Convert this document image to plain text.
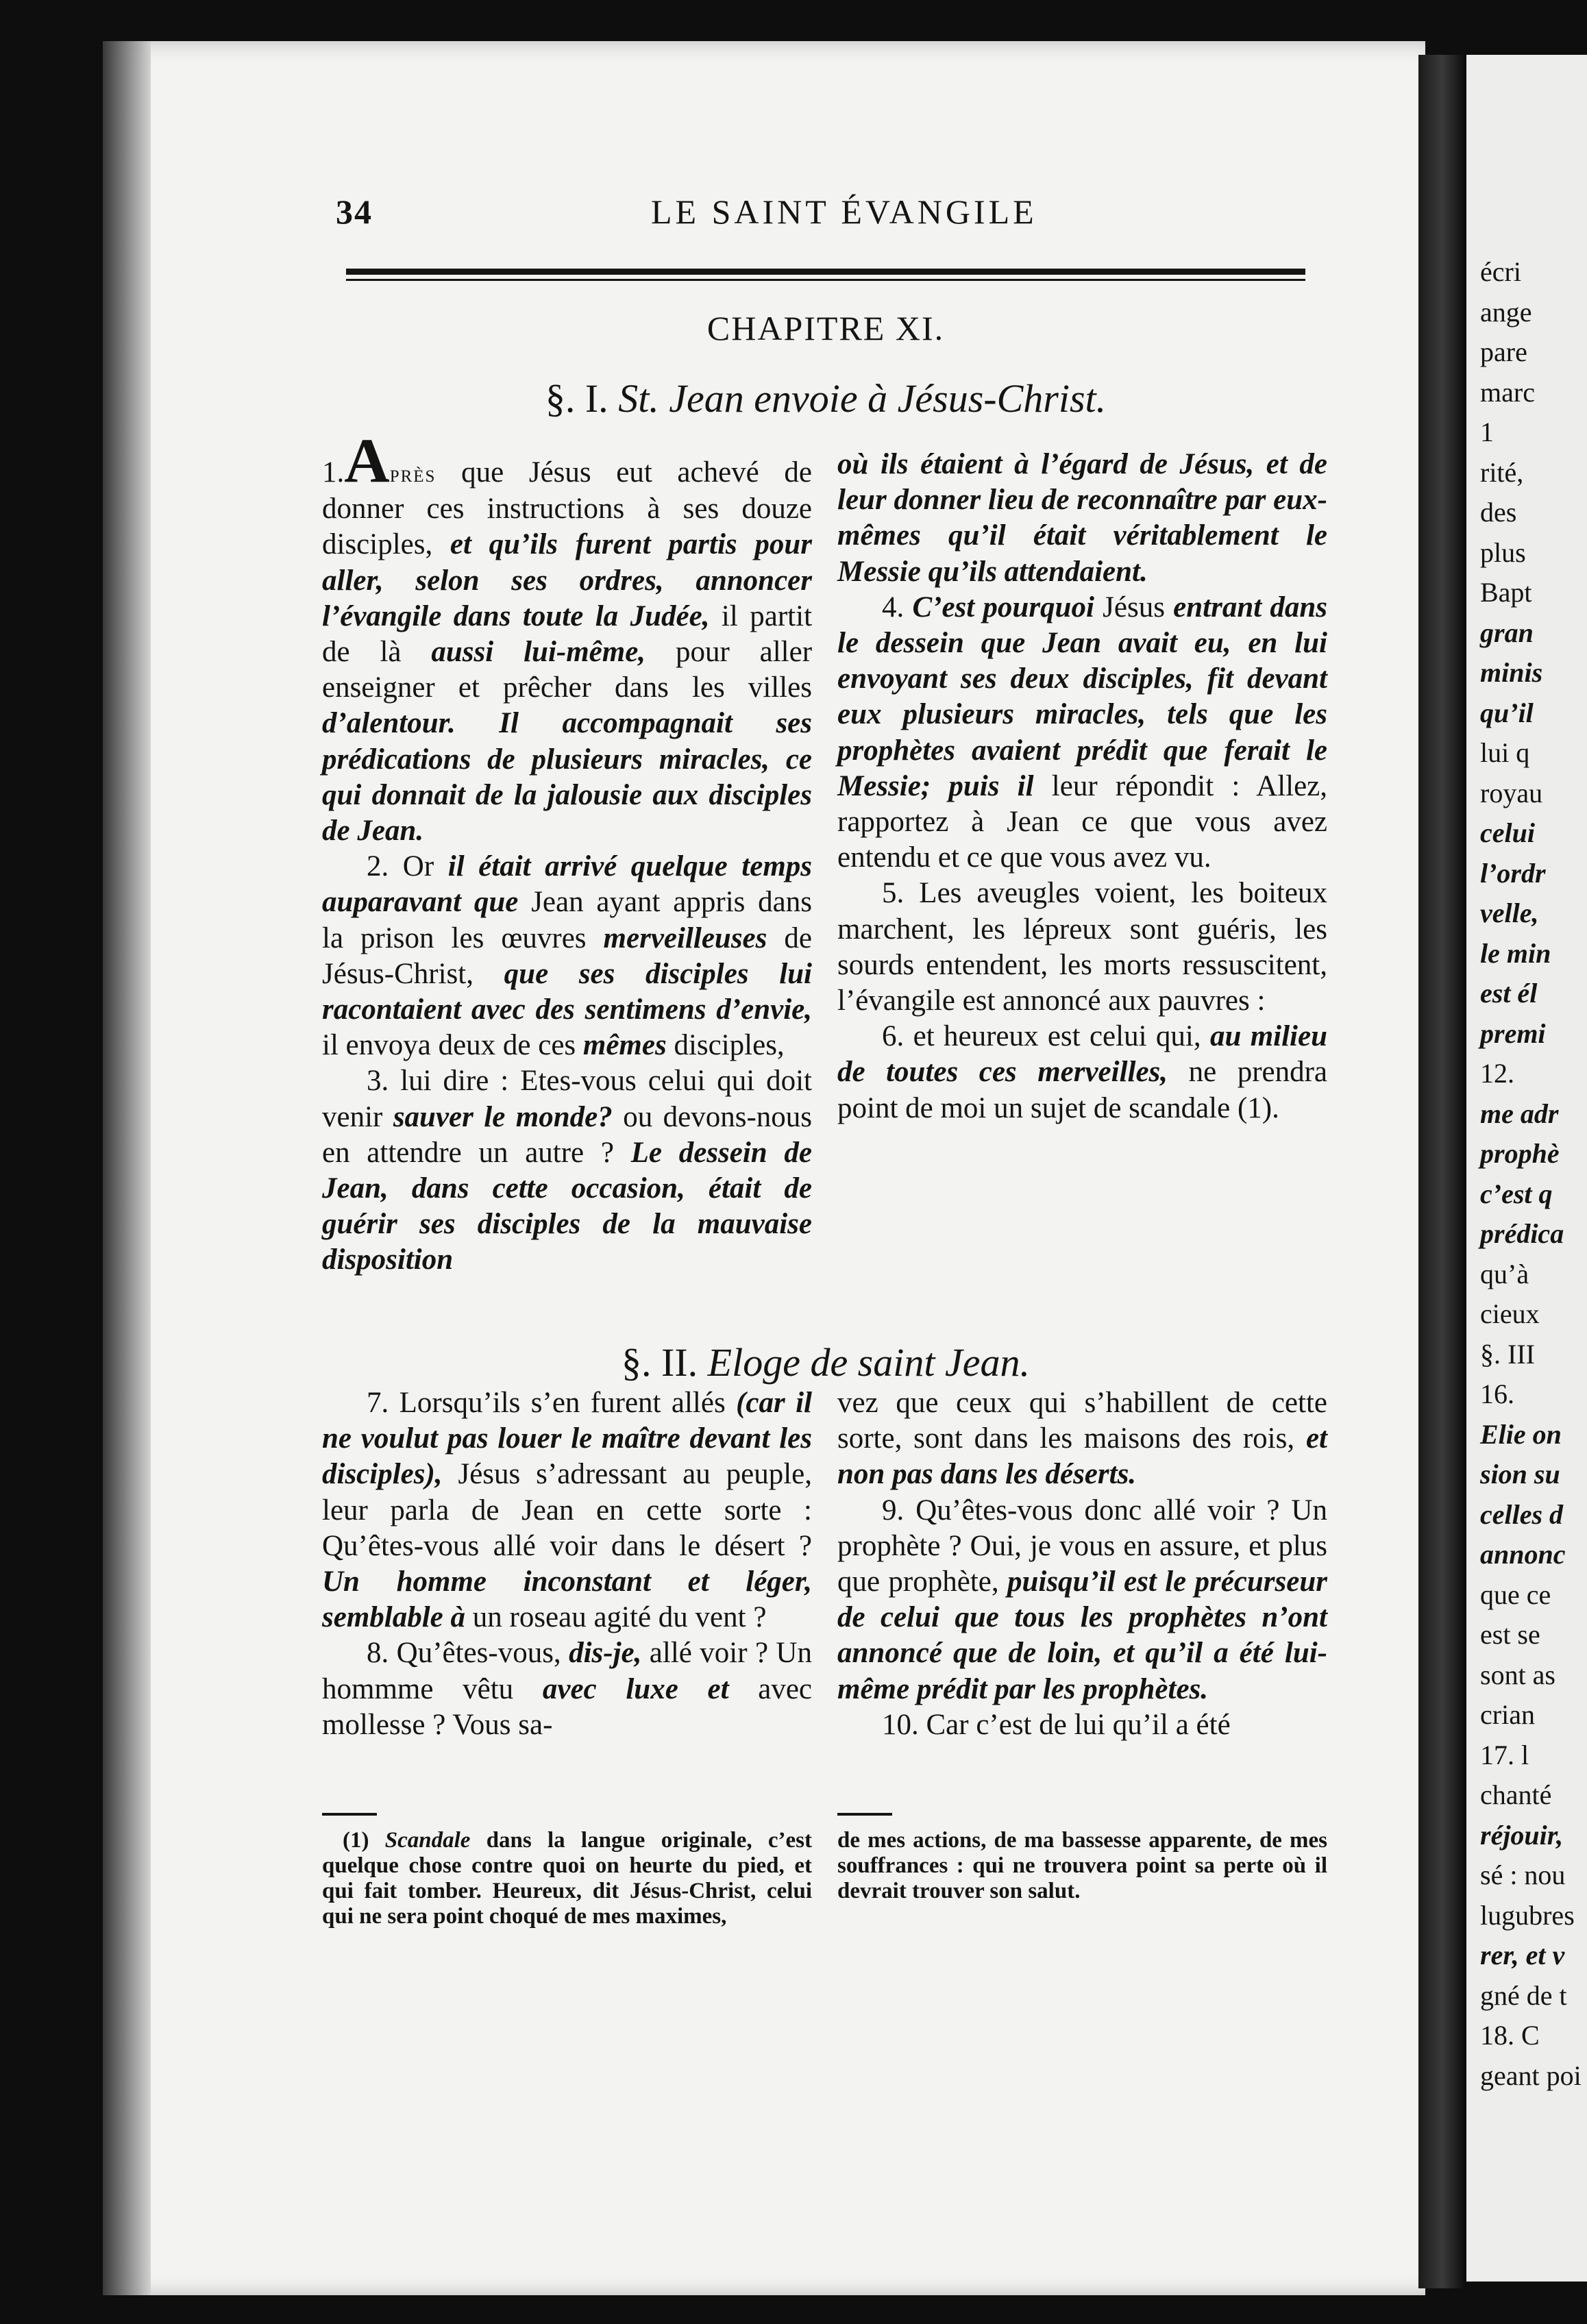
écri
ange
pare
marc
1
rité,
des
plus
Bapt
gran
minis
qu’il
lui q
royau
celui
l’ordr
velle,
le min
est él
premi
12.
me adr
prophè
c’est q
prédica
qu’à
cieux
§. III
16.
Elie on
sion su
celles d
annonc
que ce
est se
sont as
crian
17. l
chanté
réjouir,
sé : nou
lugubres
rer, et v
gné de t
18. C
geant poi
34	LE SAINT ÉVANGILE
CHAPITRE XI.
§. I. St. Jean envoie à Jésus-Christ.

1.Après que Jésus eut achevé de donner ces instructions à ses douze disciples, et qu’ils furent partis pour aller, selon ses ordres, annoncer l’évangile dans toute la Judée, il partit de là aussi lui-même, pour aller enseigner et prêcher dans les villes d’alentour. Il accompagnait ses prédications de plusieurs miracles, ce qui donnait de la jalousie aux disciples de Jean.

2. Or il était arrivé quelque temps auparavant que Jean ayant appris dans la prison les œuvres merveilleuses de Jésus-Christ, que ses disciples lui racontaient avec des sentimens d’envie, il envoya deux de ces mêmes disciples,

3. lui dire : Etes-vous celui qui doit venir sauver le monde? ou devons-nous en attendre un autre ? Le dessein de Jean, dans cette occasion, était de guérir ses disciples de la mauvaise disposition

où ils étaient à l’égard de Jésus, et de leur donner lieu de reconnaître par eux-mêmes qu’il était véritablement le Messie qu’ils attendaient.

4. C’est pourquoi Jésus entrant dans le dessein que Jean avait eu, en lui envoyant ses deux disciples, fit devant eux plusieurs miracles, tels que les prophètes avaient prédit que ferait le Messie; puis il leur répondit : Allez, rapportez à Jean ce que vous avez entendu et ce que vous avez vu.

5. Les aveugles voient, les boiteux marchent, les lépreux sont guéris, les sourds entendent, les morts ressuscitent, l’évangile est annoncé aux pauvres :

6. et heureux est celui qui, au milieu de toutes ces merveilles, ne prendra point de moi un sujet de scandale (1).

§. II. Eloge de saint Jean.

7. Lorsqu’ils s’en furent allés (car il ne voulut pas louer le maître devant les disciples), Jésus s’adressant au peuple, leur parla de Jean en cette sorte : Qu’êtes-vous allé voir dans le désert ? Un homme inconstant et léger, semblable à un roseau agité du vent ?

8. Qu’êtes-vous, dis-je, allé voir ? Un hommme vêtu avec luxe et avec mollesse ? Vous sa-

vez que ceux qui s’habillent de cette sorte, sont dans les maisons des rois, et non pas dans les déserts.

9. Qu’êtes-vous donc allé voir ? Un prophète ? Oui, je vous en assure, et plus que prophète, puisqu’il est le précurseur de celui que tous les prophètes n’ont annoncé que de loin, et qu’il a été lui-même prédit par les prophètes.

10. Car c’est de lui qu’il a été

(1) Scandale dans la langue originale, c’est quelque chose contre quoi on heurte du pied, et qui fait tomber. Heureux, dit Jésus-Christ, celui qui ne sera point choqué de mes maximes,

de mes actions, de ma bassesse apparente, de mes souffrances : qui ne trouvera point sa perte où il devrait trouver son salut.
